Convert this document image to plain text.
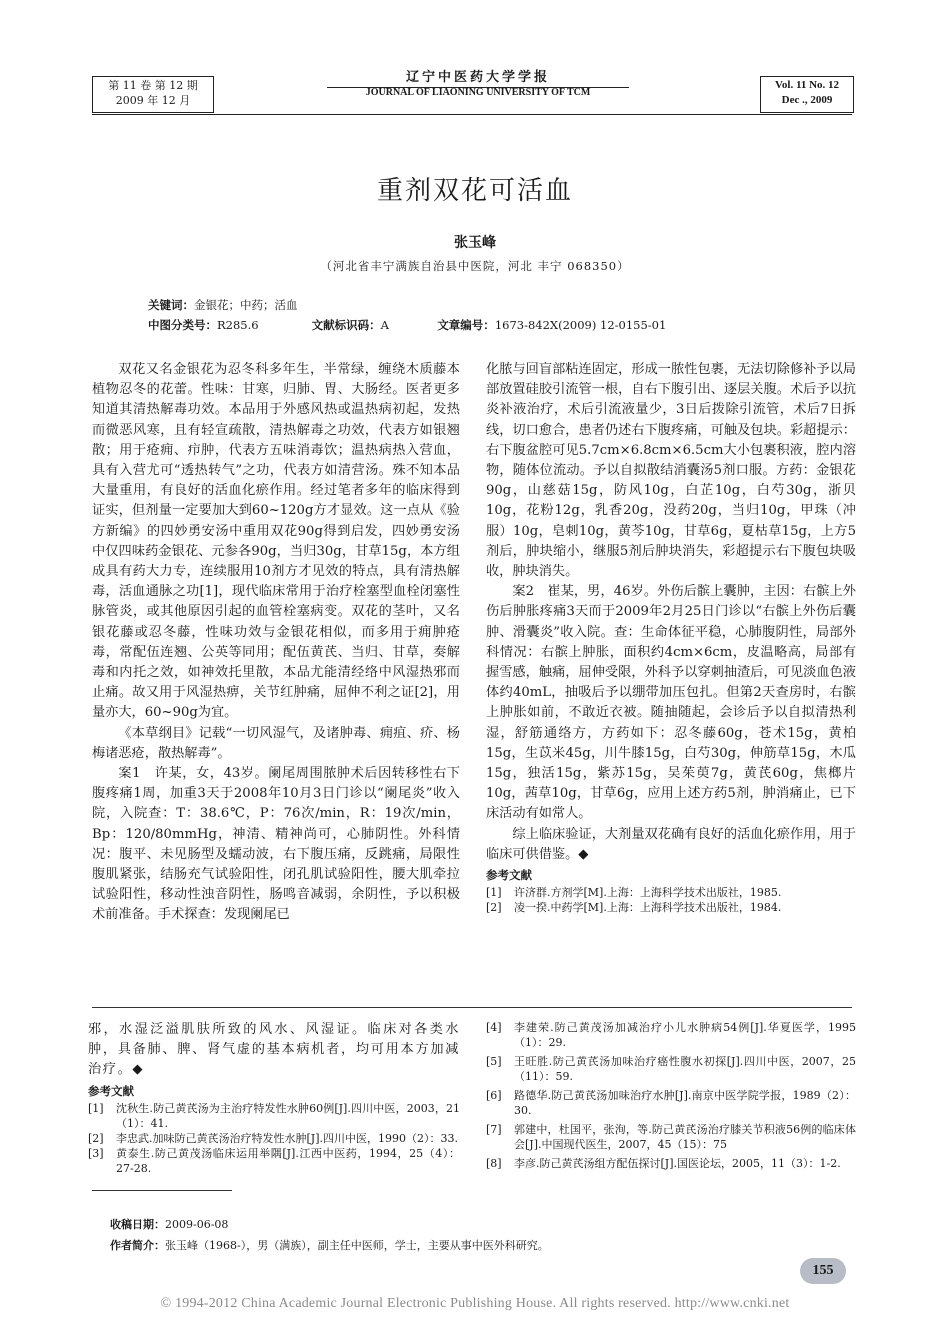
第 11 卷 第 12 期
2009 年 12 月
辽宁中医药大学学报
JOURNAL OF LIAONING UNIVERSITY OF TCM
Vol. 11 No. 12
Dec ., 2009
重剂双花可活血
张玉峰
（河北省丰宁满族自治县中医院，河北 丰宁 068350）
关键词：金银花；中药；活血
中图分类号：R285.6	文献标识码：A	文章编号：1673-842X(2009) 12-0155-01

双花又名金银花为忍冬科多年生，半常绿，缠绕木质藤本植物忍冬的花蕾。性味：甘寒，归肺、胃、大肠经。医者更多知道其清热解毒功效。本品用于外感风热或温热病初起，发热而微恶风寒，且有轻宣疏散，清热解毒之功效，代表方如银翘散；用于疮痈、疖肿，代表方五味消毒饮；温热病热入营血，具有入营尤可“透热转气”之功，代表方如清营汤。殊不知本品大量重用，有良好的活血化瘀作用。经过笔者多年的临床得到证实，但剂量一定要加大到60~120g方才显效。这一点从《验方新编》的四妙勇安汤中重用双花90g得到启发，四妙勇安汤中仅四味药金银花、元参各90g，当归30g，甘草15g，本方组成具有药大力专，连续服用10剂方才见效的特点，具有清热解毒，活血通脉之功[1]，现代临床常用于治疗栓塞型血栓闭塞性脉管炎，或其他原因引起的血管栓塞病变。双花的茎叶，又名银花藤或忍冬藤，性味功效与金银花相似，而多用于痈肿疮毒，常配伍连翘、公英等同用；配伍黄芪、当归、甘草，奏解毒和内托之效，如神效托里散，本品尤能清经络中风湿热邪而止痛。故又用于风湿热痹，关节红肿痛，屈伸不利之证[2]，用量亦大，60~90g为宜。

《本草纲目》记载“一切风湿气，及诸肿毒、痈疽、疥、杨梅诸恶疮，散热解毒”。

案1　许某，女，43岁。阑尾周围脓肿术后因转移性右下腹疼痛1周，加重3天于2008年10月3日门诊以“阑尾炎”收入院，入院查：T：38.6℃，P：76次/min，R：19次/min，Bp：120/80mmHg，神清、精神尚可，心肺阴性。外科情况：腹平、未见肠型及蠕动波，右下腹压痛，反跳痛，局限性腹肌紧张，结肠充气试验阳性，闭孔肌试验阳性，腰大肌牵拉试验阳性，移动性浊音阴性，肠鸣音减弱，余阴性，予以积极术前准备。手术探查：发现阑尾已

化脓与回盲部粘连固定，形成一脓性包裹，无法切除修补予以局部放置硅胶引流管一根，自右下腹引出、逐层关腹。术后予以抗炎补液治疗，术后引流液量少，3日后拨除引流管，术后7日拆线，切口愈合，患者仍述右下腹疼痛，可触及包块。彩超提示：右下腹盆腔可见5.7cm×6.8cm×6.5cm大小包裹积液，腔内溶物，随体位流动。予以自拟散结消囊汤5剂口服。方药：金银花90g，山慈菇15g，防风10g，白芷10g，白芍30g，浙贝10g，花粉12g，乳香20g，没药20g，当归10g，甲珠（冲服）10g，皂刺10g，黄芩10g，甘草6g，夏枯草15g，上方5剂后，肿块缩小，继服5剂后肿块消失，彩超提示右下腹包块吸收，肿块消失。

案2　崔某，男，46岁。外伤后髌上囊肿，主因：右髌上外伤后肿胀疼痛3天而于2009年2月25日门诊以“右髌上外伤后囊肿、滑囊炎”收入院。查：生命体征平稳，心肺腹阴性，局部外科情况：右髌上肿胀，面积约4cm×6cm，皮温略高，局部有握雪感，触痛，屈伸受限，外科予以穿刺抽渣后，可见淡血色液体约40mL，抽吸后予以绷带加压包扎。但第2天查房时，右髌上肿胀如前，不敢近衣被。随抽随起，会诊后予以自拟清热利湿，舒筋通络方，方药如下：忍冬藤60g，苍术15g，黄柏15g，生苡米45g，川牛膝15g，白芍30g，伸筋草15g，木瓜15g，独活15g，紫苏15g，吴茱萸7g，黄芪60g，焦榔片10g，茜草10g，甘草6g，应用上述方药5剂，肿消痛止，已下床活动有如常人。

综上临床验证，大剂量双花确有良好的活血化瘀作用，用于临床可供借鉴。◆

参考文献
[1]	许济群.方剂学[M].上海：上海科学技术出版社，1985.
[2]	凌一揆.中药学[M].上海：上海科学技术出版社，1984.

邪，水湿泛溢肌肤所致的风水、风湿证。临床对各类水肿，具备肺、脾、肾气虚的基本病机者，均可用本方加减治疗。◆

参考文献
[1]	沈秋生.防己黄芪汤为主治疗特发性水肿60例[J].四川中医，2003，21（1）：41.
[2]	李忠武.加味防己黄芪汤治疗特发性水肿[J].四川中医，1990（2）：33.
[3]	黄泰生.防己黄茂汤临床运用举隅[J].江西中医药，1994，25（4）：27-28.
[4]	李建荣.防己黄茂汤加减治疗小儿水肿病54例[J].华夏医学，1995（1）：29.
[5]	王旺胜.防己黄芪汤加味治疗癌性腹水初探[J].四川中医，2007，25（11）：59.
[6]	路德华.防己黄芪汤加味治疗水肿[J].南京中医学院学报，1989（2）：30.
[7]	郭建中，杜国平，张洵，等.防己黄芪汤治疗膝关节积液56例的临床体会[J].中国现代医生，2007，45（15）：75
[8]	李彦.防己黄芪汤组方配伍探讨[J].国医论坛，2005，11（3）：1-2.
收稿日期：2009-06-08
作者简介：张玉峰（1968-），男（满族），副主任中医师，学士，主要从事中医外科研究。
155
© 1994-2012 China Academic Journal Electronic Publishing House. All rights reserved. http://www.cnki.net
